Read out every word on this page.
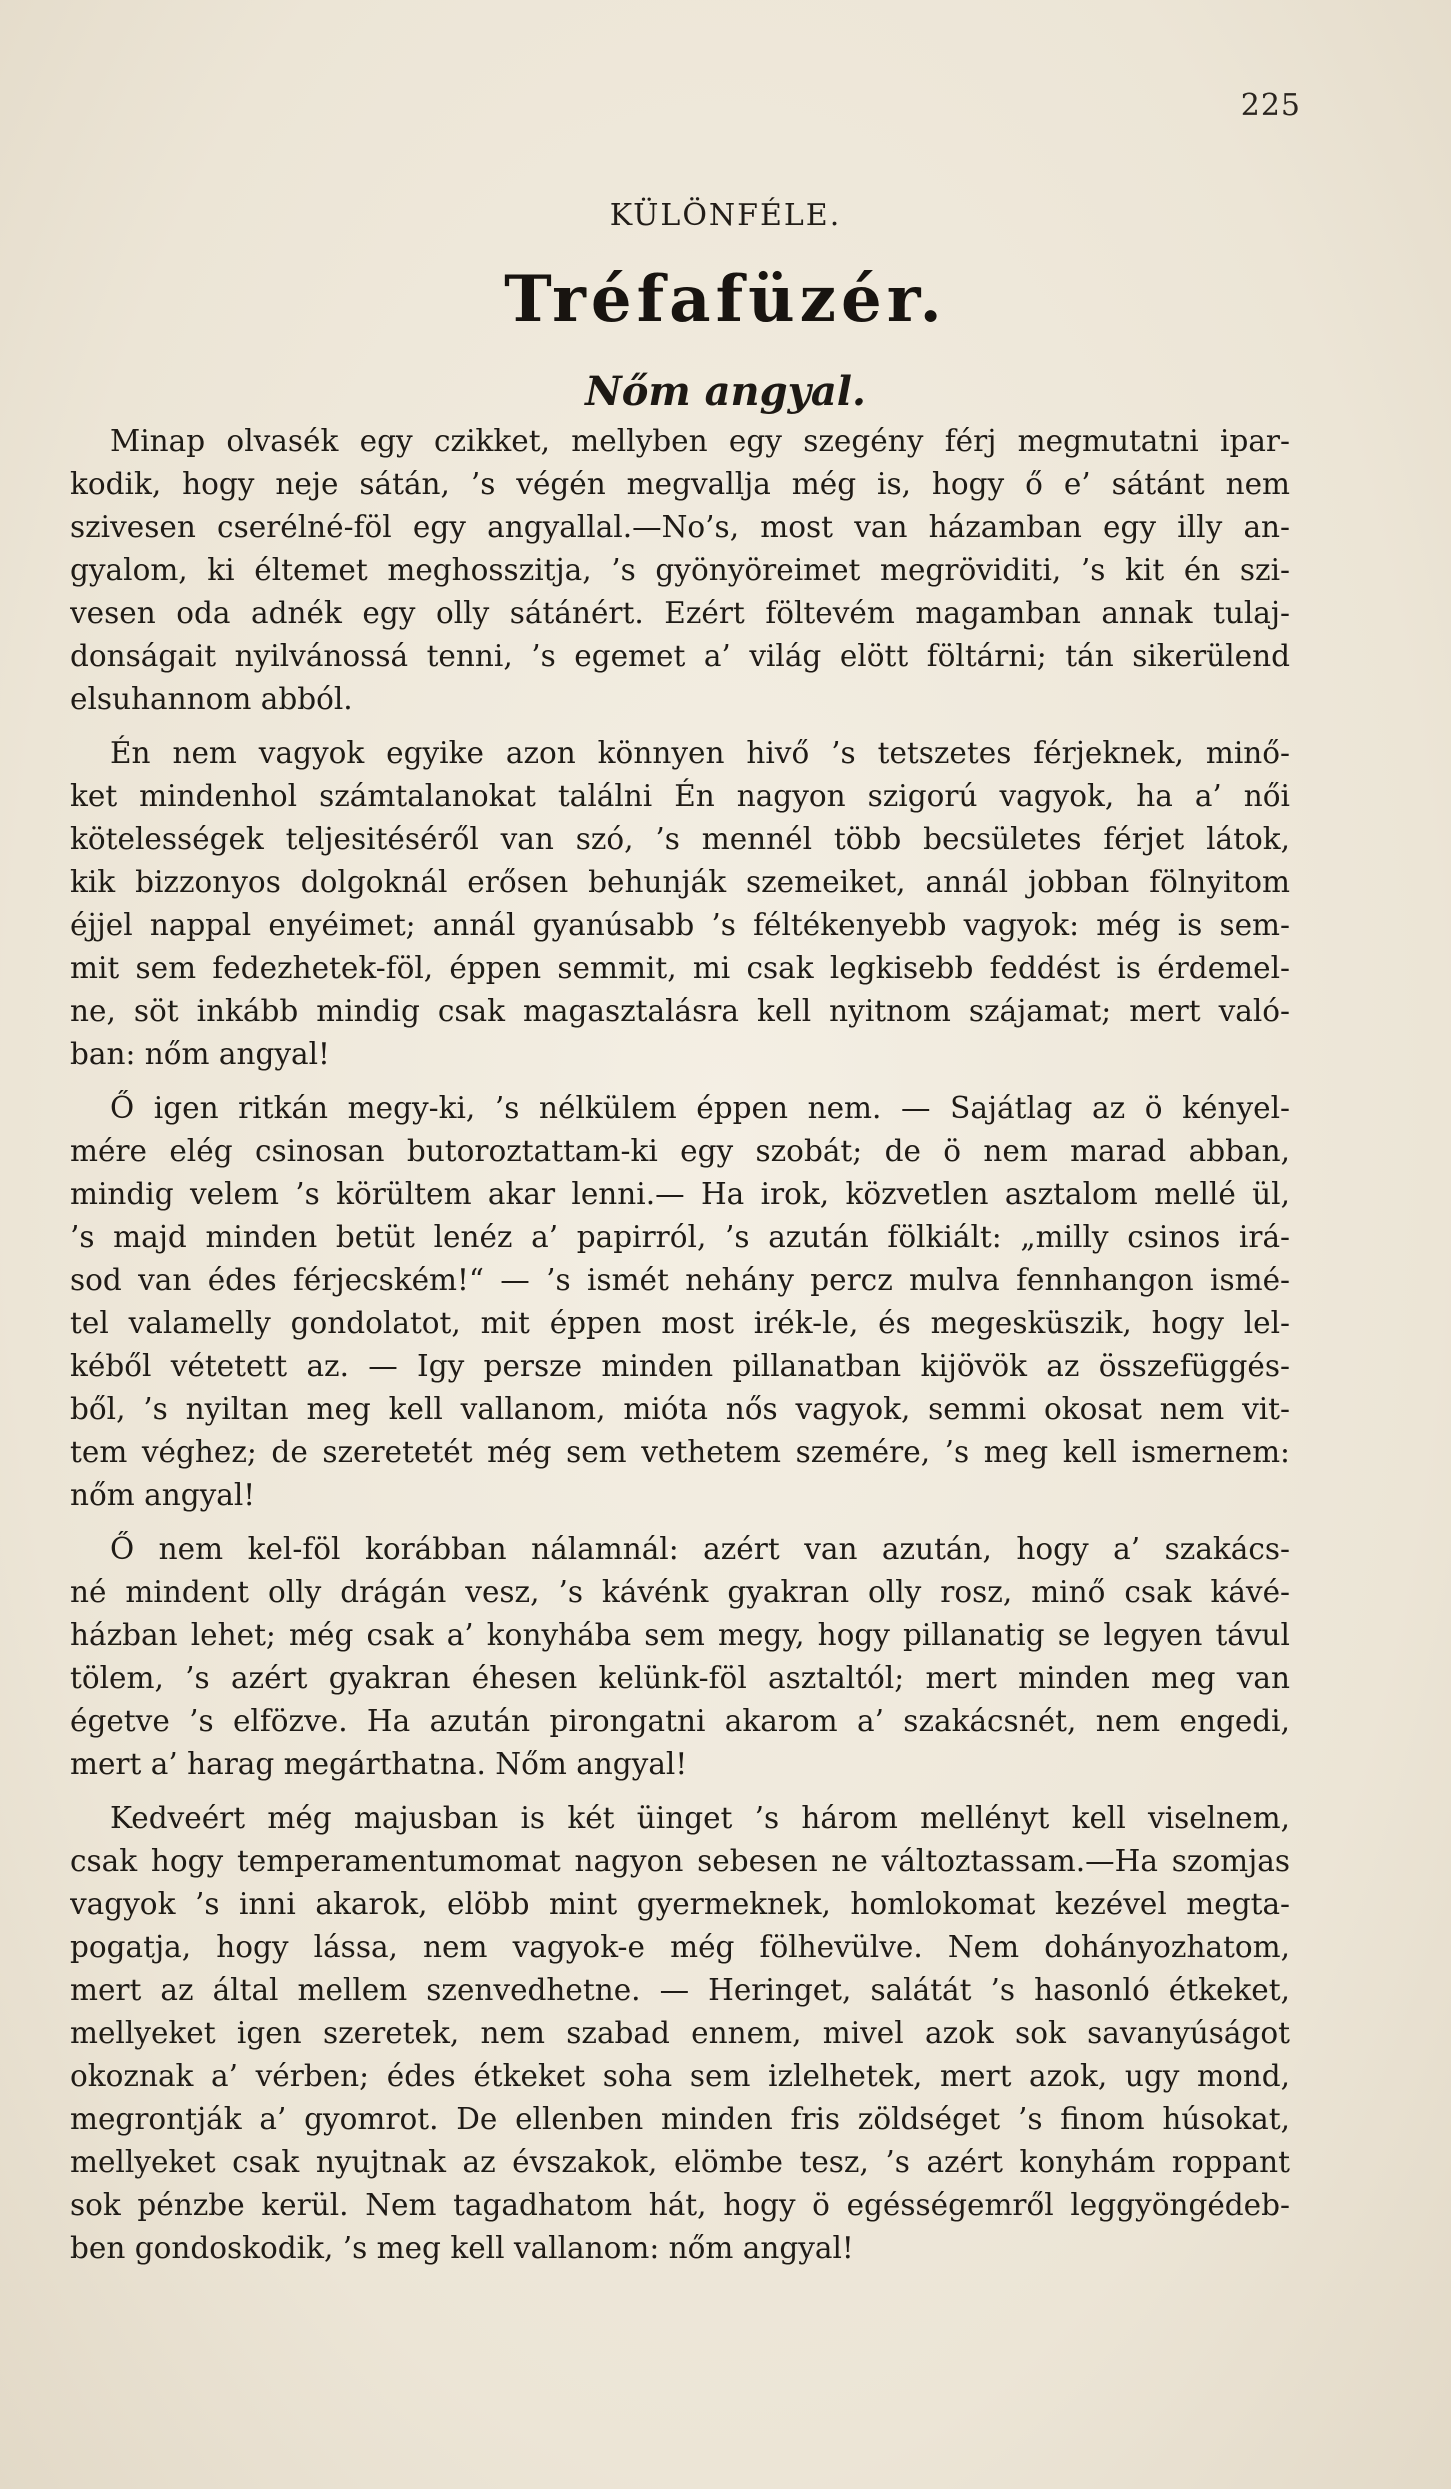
225
KÜLÖNFÉLE.
Tréfafüzér.
Nőm angyal.
Minap olvasék egy czikket, mellyben egy szegény férj megmutatni ipar-
kodik, hogy neje sátán, ’s végén megvallja még is, hogy ő e’ sátánt nem
szivesen cserélné-föl egy angyallal.—No’s, most van házamban egy illy an-
gyalom, ki éltemet meghosszitja, ’s gyönyöreimet megröviditi, ’s kit én szi-
vesen oda adnék egy olly sátánért. Ezért föltevém magamban annak tulaj-
donságait nyilvánossá tenni, ’s egemet a’ világ elött föltárni; tán sikerülend
elsuhannom abból.
Én nem vagyok egyike azon könnyen hivő ’s tetszetes férjeknek, minő-
ket mindenhol számtalanokat találni Én nagyon szigorú vagyok, ha a’ női
kötelességek teljesitéséről van szó, ’s mennél több becsületes férjet látok,
kik bizzonyos dolgoknál erősen behunják szemeiket, annál jobban fölnyitom
éjjel nappal enyéimet; annál gyanúsabb ’s féltékenyebb vagyok: még is sem-
mit sem fedezhetek-föl, éppen semmit, mi csak legkisebb feddést is érdemel-
ne, söt inkább mindig csak magasztalásra kell nyitnom szájamat; mert való-
ban: nőm angyal!
Ő igen ritkán megy-ki, ’s nélkülem éppen nem. — Sajátlag az ö kényel-
mére elég csinosan butoroztattam-ki egy szobát; de ö nem marad abban,
mindig velem ’s körültem akar lenni.— Ha irok, közvetlen asztalom mellé ül,
’s majd minden betüt lenéz a’ papirról, ’s azután fölkiált: „milly csinos irá-
sod van édes férjecském!“ — ’s ismét nehány percz mulva fennhangon ismé-
tel valamelly gondolatot, mit éppen most irék-le, és megesküszik, hogy lel-
kéből vétetett az. — Igy persze minden pillanatban kijövök az összefüggés-
ből, ’s nyiltan meg kell vallanom, mióta nős vagyok, semmi okosat nem vit-
tem véghez; de szeretetét még sem vethetem szemére, ’s meg kell ismernem:
nőm angyal!
Ő nem kel-föl korábban nálamnál: azért van azután, hogy a’ szakács-
né mindent olly drágán vesz, ’s kávénk gyakran olly rosz, minő csak kávé-
házban lehet; még csak a’ konyhába sem megy, hogy pillanatig se legyen távul
tölem, ’s azért gyakran éhesen kelünk-föl asztaltól; mert minden meg van
égetve ’s elfözve. Ha azután pirongatni akarom a’ szakácsnét, nem engedi,
mert a’ harag megárthatna. Nőm angyal!
Kedveért még majusban is két üinget ’s három mellényt kell viselnem,
csak hogy temperamentumomat nagyon sebesen ne változtassam.—Ha szomjas
vagyok ’s inni akarok, elöbb mint gyermeknek, homlokomat kezével megta-
pogatja, hogy lássa, nem vagyok-e még fölhevülve. Nem dohányozhatom,
mert az által mellem szenvedhetne. — Heringet, salátát ’s hasonló étkeket,
mellyeket igen szeretek, nem szabad ennem, mivel azok sok savanyúságot
okoznak a’ vérben; édes étkeket soha sem izlelhetek, mert azok, ugy mond,
megrontják a’ gyomrot. De ellenben minden fris zöldséget ’s finom húsokat,
mellyeket csak nyujtnak az évszakok, elömbe tesz, ’s azért konyhám roppant
sok pénzbe kerül. Nem tagadhatom hát, hogy ö egésségemről leggyöngédeb-
ben gondoskodik, ’s meg kell vallanom: nőm angyal!
